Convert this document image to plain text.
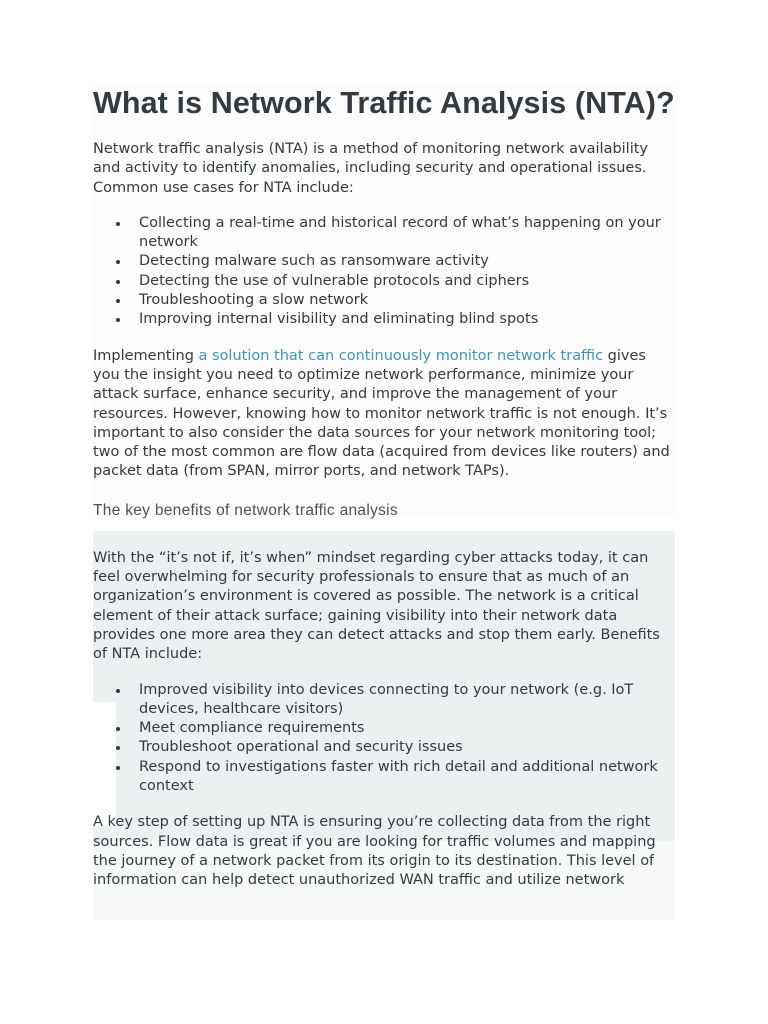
What is Network Traffic Analysis (NTA)?

Network traffic analysis (NTA) is a method of monitoring network availability and activity to identify anomalies, including security and operational issues. Common use cases for NTA include:

Collecting a real-time and historical record of what’s happening on your network
Detecting malware such as ransomware activity
Detecting the use of vulnerable protocols and ciphers
Troubleshooting a slow network
Improving internal visibility and eliminating blind spots

Implementing a solution that can continuously monitor network traffic gives you the insight you need to optimize network performance, minimize your attack surface, enhance security, and improve the management of your resources. However, knowing how to monitor network traffic is not enough. It’s important to also consider the data sources for your network monitoring tool; two of the most common are flow data (acquired from devices like routers) and packet data (from SPAN, mirror ports, and network TAPs).

The key benefits of network traffic analysis

With the “it’s not if, it’s when” mindset regarding cyber attacks today, it can feel overwhelming for security professionals to ensure that as much of an organization’s environment is covered as possible. The network is a critical element of their attack surface; gaining visibility into their network data provides one more area they can detect attacks and stop them early. Benefits of NTA include:

Improved visibility into devices connecting to your network (e.g. IoT devices, healthcare visitors)
Meet compliance requirements
Troubleshoot operational and security issues
Respond to investigations faster with rich detail and additional network context

A key step of setting up NTA is ensuring you’re collecting data from the right sources. Flow data is great if you are looking for traffic volumes and mapping the journey of a network packet from its origin to its destination. This level of information can help detect unauthorized WAN traffic and utilize network
